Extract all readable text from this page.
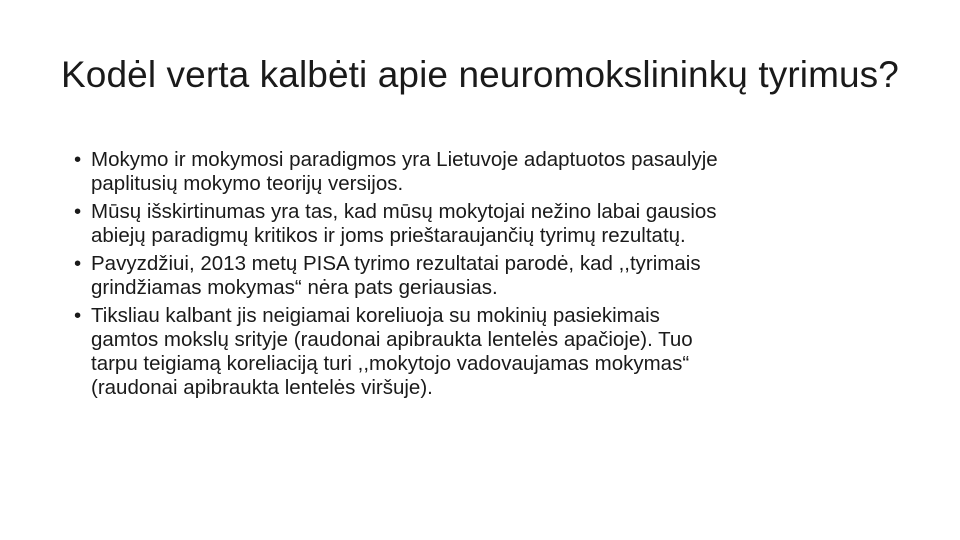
Kodėl verta kalbėti apie neuromokslininkų tyrimus?
• Mokymo ir mokymosi paradigmos yra Lietuvoje adaptuotos pasaulyje
paplitusių mokymo teorijų versijos.
• Mūsų išskirtinumas yra tas, kad mūsų mokytojai nežino labai gausios
abiejų paradigmų kritikos ir joms prieštaraujančių tyrimų rezultatų.
• Pavyzdžiui, 2013 metų PISA tyrimo rezultatai parodė, kad ,,tyrimais
grindžiamas mokymas“ nėra pats geriausias.
• Tiksliau kalbant jis neigiamai koreliuoja su mokinių pasiekimais
gamtos mokslų srityje (raudonai apibraukta lentelės apačioje). Tuo
tarpu teigiamą koreliaciją turi ,,mokytojo vadovaujamas mokymas“
(raudonai apibraukta lentelės viršuje).
